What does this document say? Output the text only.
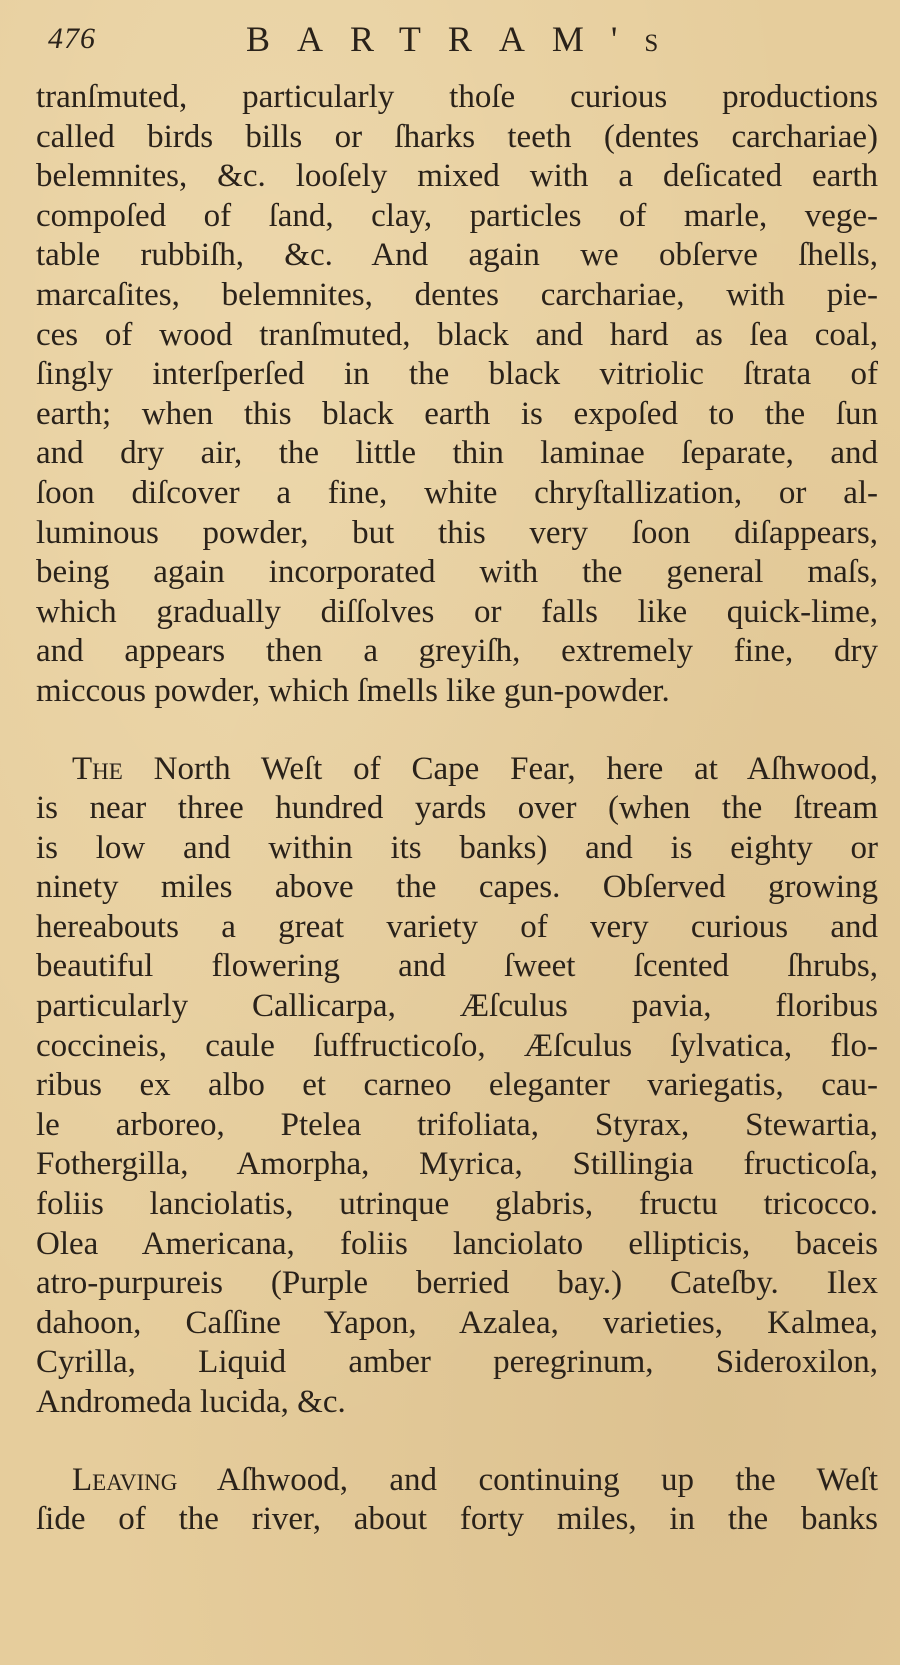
476	BARTRAM's
tranſmuted, particularly thoſe curious productions
called birds bills or ſharks teeth (dentes carchariae)
belemnites, &c. looſely mixed with a deſicated earth
compoſed of ſand, clay, particles of marle, vege-
table rubbiſh, &c. And again we obſerve ſhells,
marcaſites, belemnites, dentes carchariae, with pie-
ces of wood tranſmuted, black and hard as ſea coal,
ſingly interſperſed in the black vitriolic ſtrata of
earth; when this black earth is expoſed to the ſun
and dry air, the little thin laminae ſeparate, and
ſoon diſcover a fine, white chryſtallization, or al-
luminous powder, but this very ſoon diſappears,
being again incorporated with the general maſs,
which gradually diſſolves or falls like quick-lime,
and appears then a greyiſh, extremely fine, dry
miccous powder, which ſmells like gun-powder.
The North Weſt of Cape Fear, here at Aſhwood,
is near three hundred yards over (when the ſtream
is low and within its banks) and is eighty or
ninety miles above the capes. Obſerved growing
hereabouts a great variety of very curious and
beautiful flowering and ſweet ſcented ſhrubs,
particularly Callicarpa, Æſculus pavia, floribus
coccineis, caule ſuffructicoſo, Æſculus ſylvatica, flo-
ribus ex albo et carneo eleganter variegatis, cau-
le arboreo, Ptelea trifoliata, Styrax, Stewartia,
Fothergilla, Amorpha, Myrica, Stillingia fructicoſa,
foliis lanciolatis, utrinque glabris, fructu tricocco.
Olea Americana, foliis lanciolato ellipticis, baceis
atro-purpureis (Purple berried bay.) Cateſby. Ilex
dahoon, Caſſine Yapon, Azalea, varieties, Kalmea,
Cyrilla, Liquid amber peregrinum, Sideroxilon,
Andromeda lucida, &c.
Leaving Aſhwood, and continuing up the Weſt
ſide of the river, about forty miles, in the banks
